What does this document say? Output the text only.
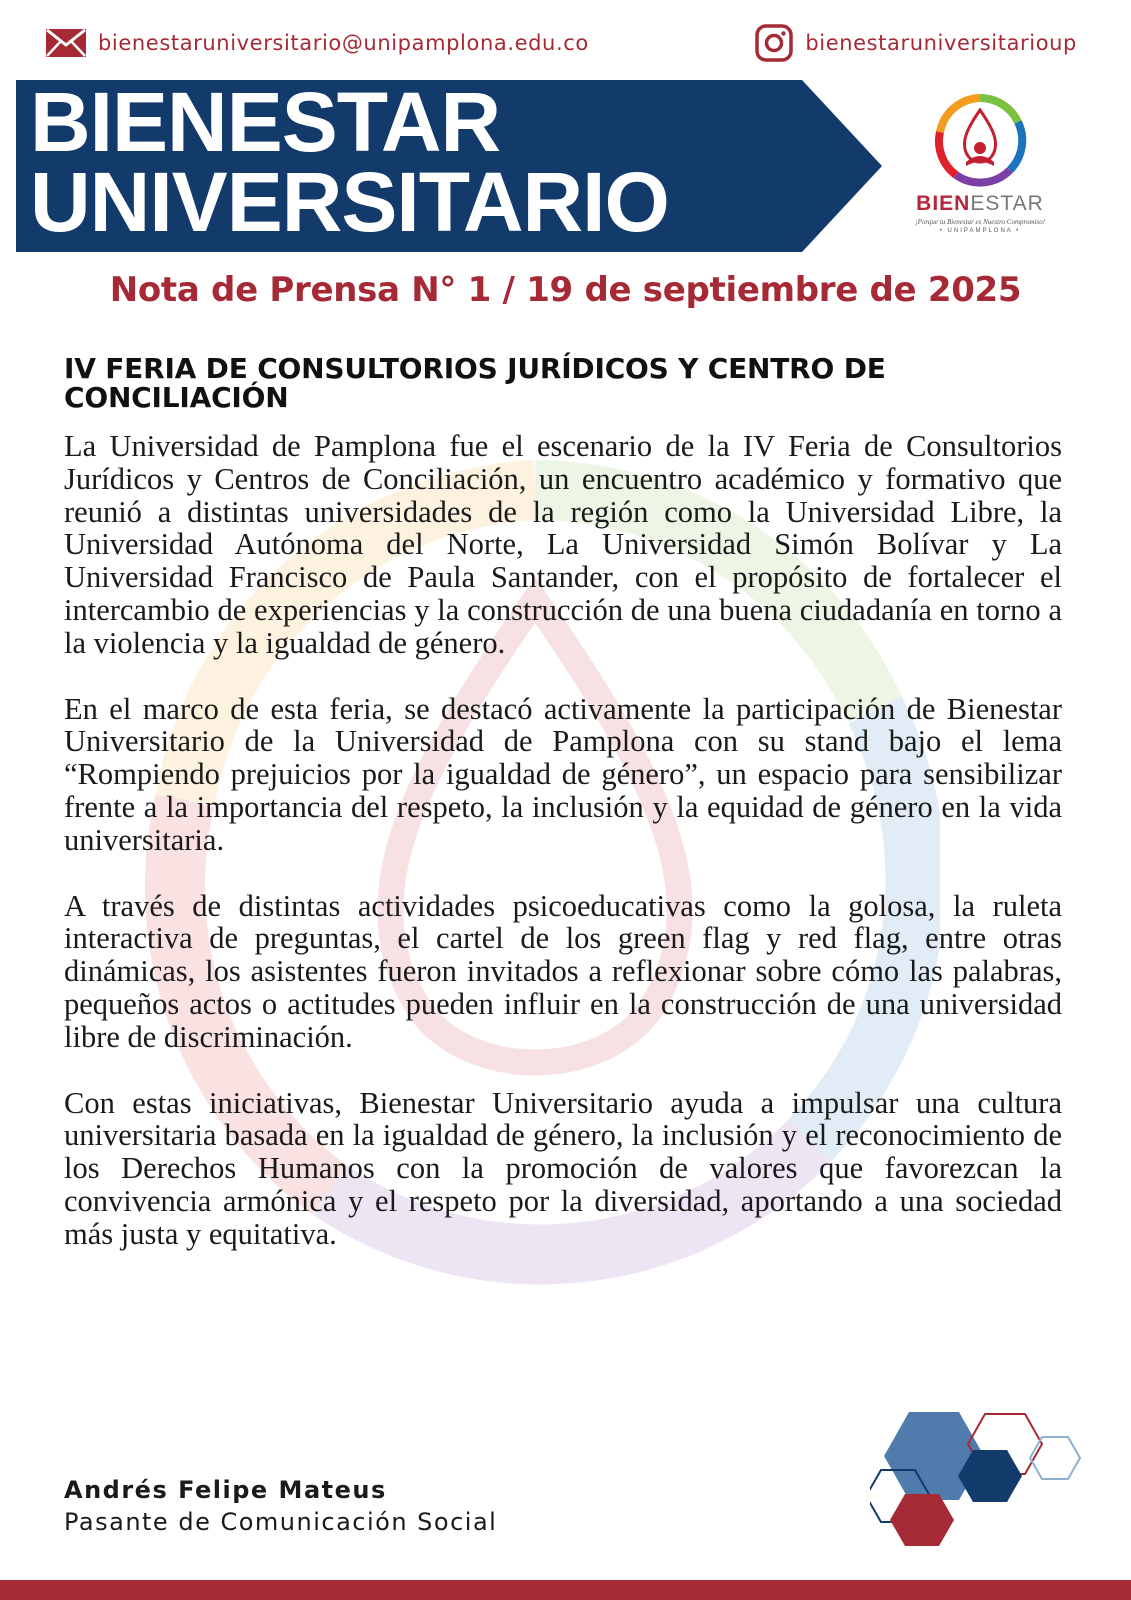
bienestaruniversitario@unipamplona.edu.co	bienestaruniversitarioup
BIENESTAR
UNIVERSITARIO	BIENESTAR
¡Porque tu Bienestar es Nuestro Compromiso!
• UNIPAMPLONA •
Nota de Prensa N° 1 / 19 de septiembre de 2025
IV FERIA DE CONSULTORIOS JURÍDICOS Y CENTRO DE CONCILIACIÓN

La Universidad de Pamplona fue el escenario de la IV Feria de Consultorios Jurídicos y Centros de Conciliación, un encuentro académico y formativo que reunió a distintas universidades de la región como la Universidad Libre, la Universidad Autónoma del Norte, La Universidad Simón Bolívar y La Universidad Francisco de Paula Santander, con el propósito de fortalecer el intercambio de experiencias y la construcción de una buena ciudadanía en torno a la violencia y la igualdad de género.

En el marco de esta feria, se destacó activamente la participación de Bienestar Universitario de la Universidad de Pamplona con su stand bajo el lema “Rompiendo prejuicios por la igualdad de género”, un espacio para sensibilizar frente a la importancia del respeto, la inclusión y la equidad de género en la vida universitaria.

A través de distintas actividades psicoeducativas como la golosa, la ruleta interactiva de preguntas, el cartel de los green flag y red flag, entre otras dinámicas, los asistentes fueron invitados a reflexionar sobre cómo las palabras, pequeños actos o actitudes pueden influir en la construcción de una universidad libre de discriminación.

Con estas iniciativas, Bienestar Universitario ayuda a impulsar una cultura universitaria basada en la igualdad de género, la inclusión y el reconocimiento de los Derechos Humanos con la promoción de valores que favorezcan la convivencia armónica y el respeto por la diversidad, aportando a una sociedad más justa y equitativa.

Andrés Felipe Mateus
Pasante de Comunicación Social
